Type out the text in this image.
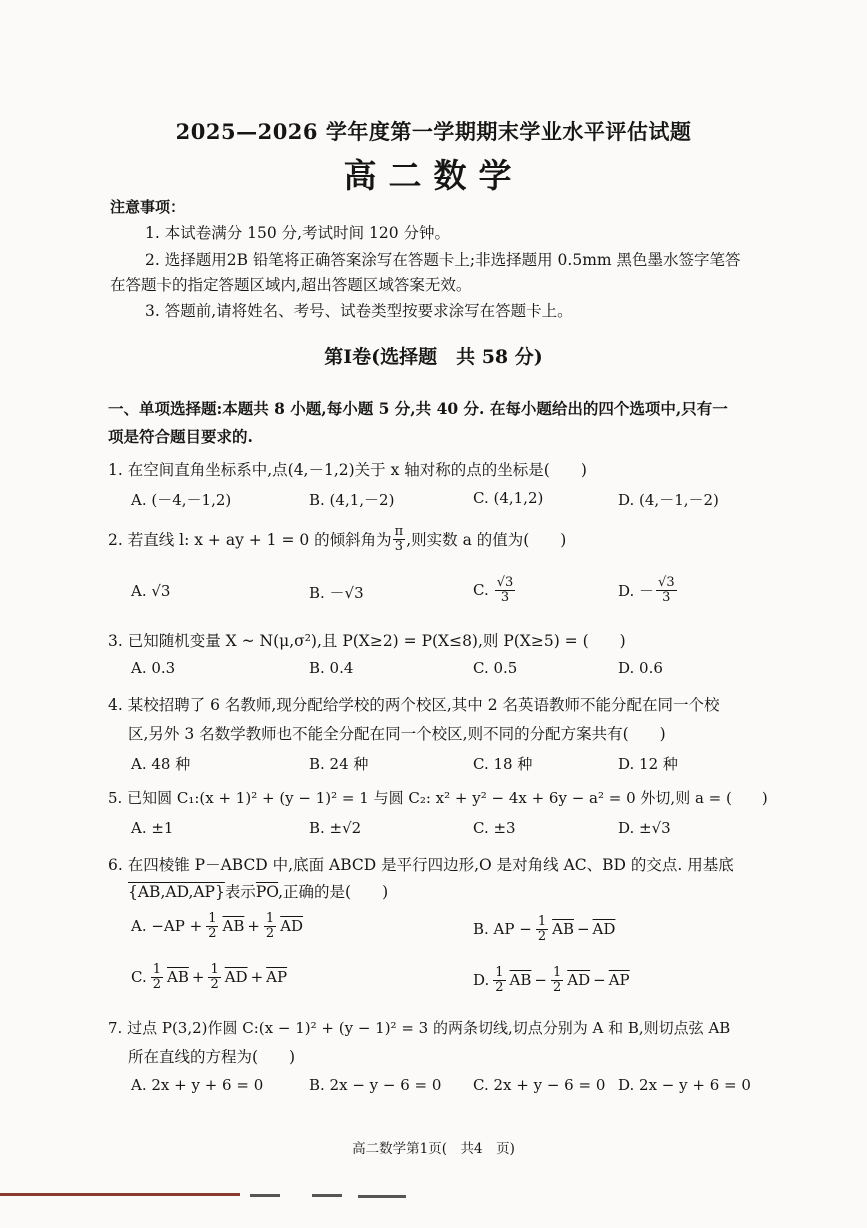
2025—2026 学年度第一学期期末学业水平评估试题
高二数学
注意事项：
1. 本试卷满分 150 分,考试时间 120 分钟。
2. 选择题用2B 铅笔将正确答案涂写在答题卡上;非选择题用 0.5mm 黑色墨水签字笔答
在答题卡的指定答题区域内,超出答题区域答案无效。
3. 答题前,请将姓名、考号、试卷类型按要求涂写在答题卡上。
第Ⅰ卷(选择题　共 58 分)
一、单项选择题:本题共 8 小题,每小题 5 分,共 40 分. 在每小题给出的四个选项中,只有一
项是符合题目要求的.
1. 在空间直角坐标系中,点(4,－1,2)关于 x 轴对称的点的坐标是(　　)
A. (－4,－1,2)	B. (4,1,－2)	C. (4,1,2)	D. (4,－1,－2)
2. 若直线 l: x + ay + 1 = 0 的倾斜角为 $\frac{\pi}{3}$ ,则实数 a 的值为(　　)
A. √3	B. －√3	C. $\frac{√3}{3}$	D. － $\frac{√3}{3}$
3. 已知随机变量 X ~ N(μ,σ²),且 P(X≥2) = P(X≤8),则 P(X≥5) = (　　)
A. 0.3	B. 0.4	C. 0.5	D. 0.6
4. 某校招聘了 6 名教师,现分配给学校的两个校区,其中 2 名英语教师不能分配在同一个校
区,另外 3 名数学教师也不能全分配在同一个校区,则不同的分配方案共有(　　)
A. 48 种	B. 24 种	C. 18 种	D. 12 种
5. 已知圆 C₁:(x + 1)² + (y − 1)² = 1 与圆 C₂: x² + y² − 4x + 6y − a² = 0 外切,则 a = (　　)
A. ±1	B. ±√2	C. ±3	D. ±√3
6. 在四棱锥 P－ABCD 中,底面 ABCD 是平行四边形,O 是对角线 AC、BD 的交点. 用基底
{AB,AD,AP}表示$\overline{PO}$,正确的是(　　)
A. $-AP + \frac{1}{2} \overline{AB} + \frac{1}{2} \overline{AD}$	B. AP − $\frac{1}{2} \overline{AB} - \overline{AD}$
C. $\frac{1}{2} \overline{AB} + \frac{1}{2} \overline{AD} + \overline{AP}$	D. $\frac{1}{2} \overline{AB} - \frac{1}{2} \overline{AD} - \overline{AP}$
7. 过点 P(3,2)作圆 C:(x − 1)² + (y − 1)² = 3 的两条切线,切点分别为 A 和 B,则切点弦 AB
所在直线的方程为(　　)
A. 2x + y + 6 = 0	B. 2x − y − 6 = 0 C. 2x + y − 6 = 0 D. 2x − y + 6 = 0
高二数学第1页(　共4　页)
